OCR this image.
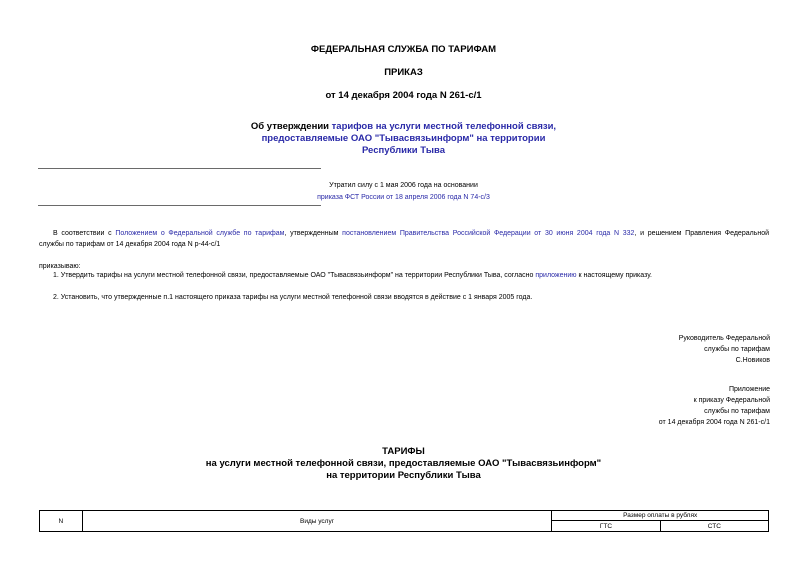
ФЕДЕРАЛЬНАЯ СЛУЖБА ПО ТАРИФАМ
ПРИКАЗ
от 14 декабря 2004 года N 261-с/1
Об утверждении тарифов на услуги местной телефонной связи,
предоставляемые ОАО "Тывасвязьинформ" на территории
Республики Тыва
Утратил силу с 1 мая 2006 года на основании
приказа ФСТ России от 18 апреля 2006 года N 74-с/3
В соответствии с Положением о Федеральной службе по тарифам, утвержденным постановлением Правительства Российской Федерации от 30 июня 2004 года N 332, и решением Правления Федеральной
службы по тарифам от 14 декабря 2004 года N р-44-с/1
приказываю:
1. Утвердить тарифы на услуги местной телефонной связи, предоставляемые ОАО "Тывасвязьинформ" на территории Республики Тыва, согласно приложению к настоящему приказу.
2. Установить, что утвержденные п.1 настоящего приказа тарифы на услуги местной телефонной связи вводятся в действие с 1 января 2005 года.
Руководитель Федеральной
службы по тарифам
С.Новиков
Приложение
к приказу Федеральной
службы по тарифам
от 14 декабря 2004 года N 261-с/1
ТАРИФЫ
на услуги местной телефонной связи, предоставляемые ОАО "Тывасвязьинформ"
на территории Республики Тыва
N	Виды услуг	Размер оплаты в рублях	
		ГТС	СТС
